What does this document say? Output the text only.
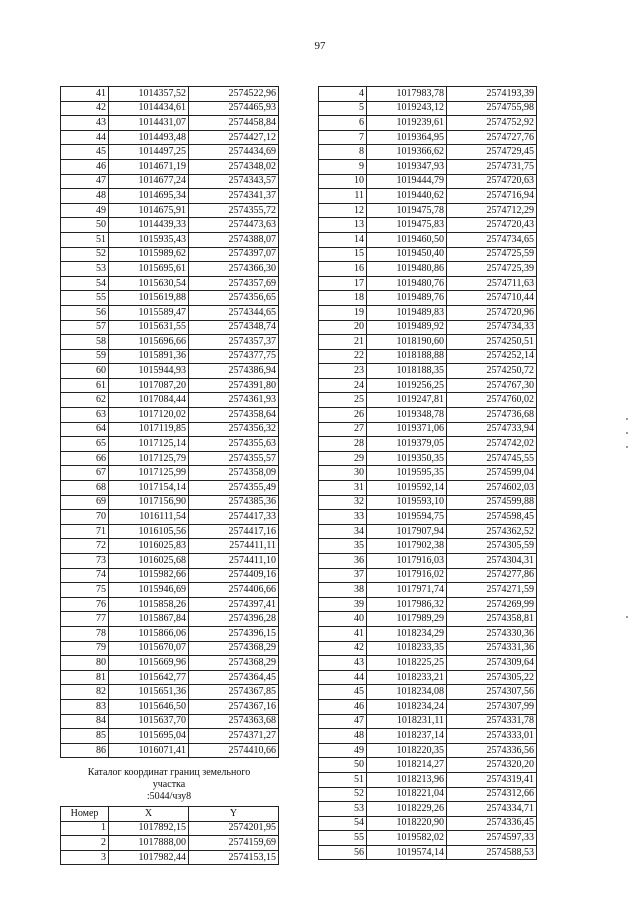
97
41	1014357,52	2574522,96
42	1014434,61	2574465,93
43	1014431,07	2574458,84
44	1014493,48	2574427,12
45	1014497,25	2574434,69
46	1014671,19	2574348,02
47	1014677,24	2574343,57
48	1014695,34	2574341,37
49	1014675,91	2574355,72
50	1014439,33	2574473,63
51	1015935,43	2574388,07
52	1015989,62	2574397,07
53	1015695,61	2574366,30
54	1015630,54	2574357,69
55	1015619,88	2574356,65
56	1015589,47	2574344,65
57	1015631,55	2574348,74
58	1015696,66	2574357,37
59	1015891,36	2574377,75
60	1015944,93	2574386,94
61	1017087,20	2574391,80
62	1017084,44	2574361,93
63	1017120,02	2574358,64
64	1017119,85	2574356,32
65	1017125,14	2574355,63
66	1017125,79	2574355,57
67	1017125,99	2574358,09
68	1017154,14	2574355,49
69	1017156,90	2574385,36
70	1016111,54	2574417,33
71	1016105,56	2574417,16
72	1016025,83	2574411,11
73	1016025,68	2574411,10
74	1015982,66	2574409,16
75	1015946,69	2574406,66
76	1015858,26	2574397,41
77	1015867,84	2574396,28
78	1015866,06	2574396,15
79	1015670,07	2574368,29
80	1015669,96	2574368,29
81	1015642,77	2574364,45
82	1015651,36	2574367,85
83	1015646,50	2574367,16
84	1015637,70	2574363,68
85	1015695,04	2574371,27
86	1016071,41	2574410,66
Каталог координат границ земельного
участка
:5044/чзу8
Номер	X	Y
1	1017892,15	2574201,95
2	1017888,00	2574159,69
3	1017982,44	2574153,15
4	1017983,78	2574193,39
5	1019243,12	2574755,98
6	1019239,61	2574752,92
7	1019364,95	2574727,76
8	1019366,62	2574729,45
9	1019347,93	2574731,75
10	1019444,79	2574720,63
11	1019440,62	2574716,94
12	1019475,78	2574712,29
13	1019475,83	2574720,43
14	1019460,50	2574734,65
15	1019450,40	2574725,59
16	1019480,86	2574725,39
17	1019480,76	2574711,63
18	1019489,76	2574710,44
19	1019489,83	2574720,96
20	1019489,92	2574734,33
21	1018190,60	2574250,51
22	1018188,88	2574252,14
23	1018188,35	2574250,72
24	1019256,25	2574767,30
25	1019247,81	2574760,02
26	1019348,78	2574736,68
27	1019371,06	2574733,94
28	1019379,05	2574742,02
29	1019350,35	2574745,55
30	1019595,35	2574599,04
31	1019592,14	2574602,03
32	1019593,10	2574599,88
33	1019594,75	2574598,45
34	1017907,94	2574362,52
35	1017902,38	2574305,59
36	1017916,03	2574304,31
37	1017916,02	2574277,86
38	1017971,74	2574271,59
39	1017986,32	2574269,99
40	1017989,29	2574358,81
41	1018234,29	2574330,36
42	1018233,35	2574331,36
43	1018225,25	2574309,64
44	1018233,21	2574305,22
45	1018234,08	2574307,56
46	1018234,24	2574307,99
47	1018231,11	2574331,78
48	1018237,14	2574333,01
49	1018220,35	2574336,56
50	1018214,27	2574320,20
51	1018213,96	2574319,41
52	1018221,04	2574312,66
53	1018229,26	2574334,71
54	1018220,90	2574336,45
55	1019582,02	2574597,33
56	1019574,14	2574588,53
